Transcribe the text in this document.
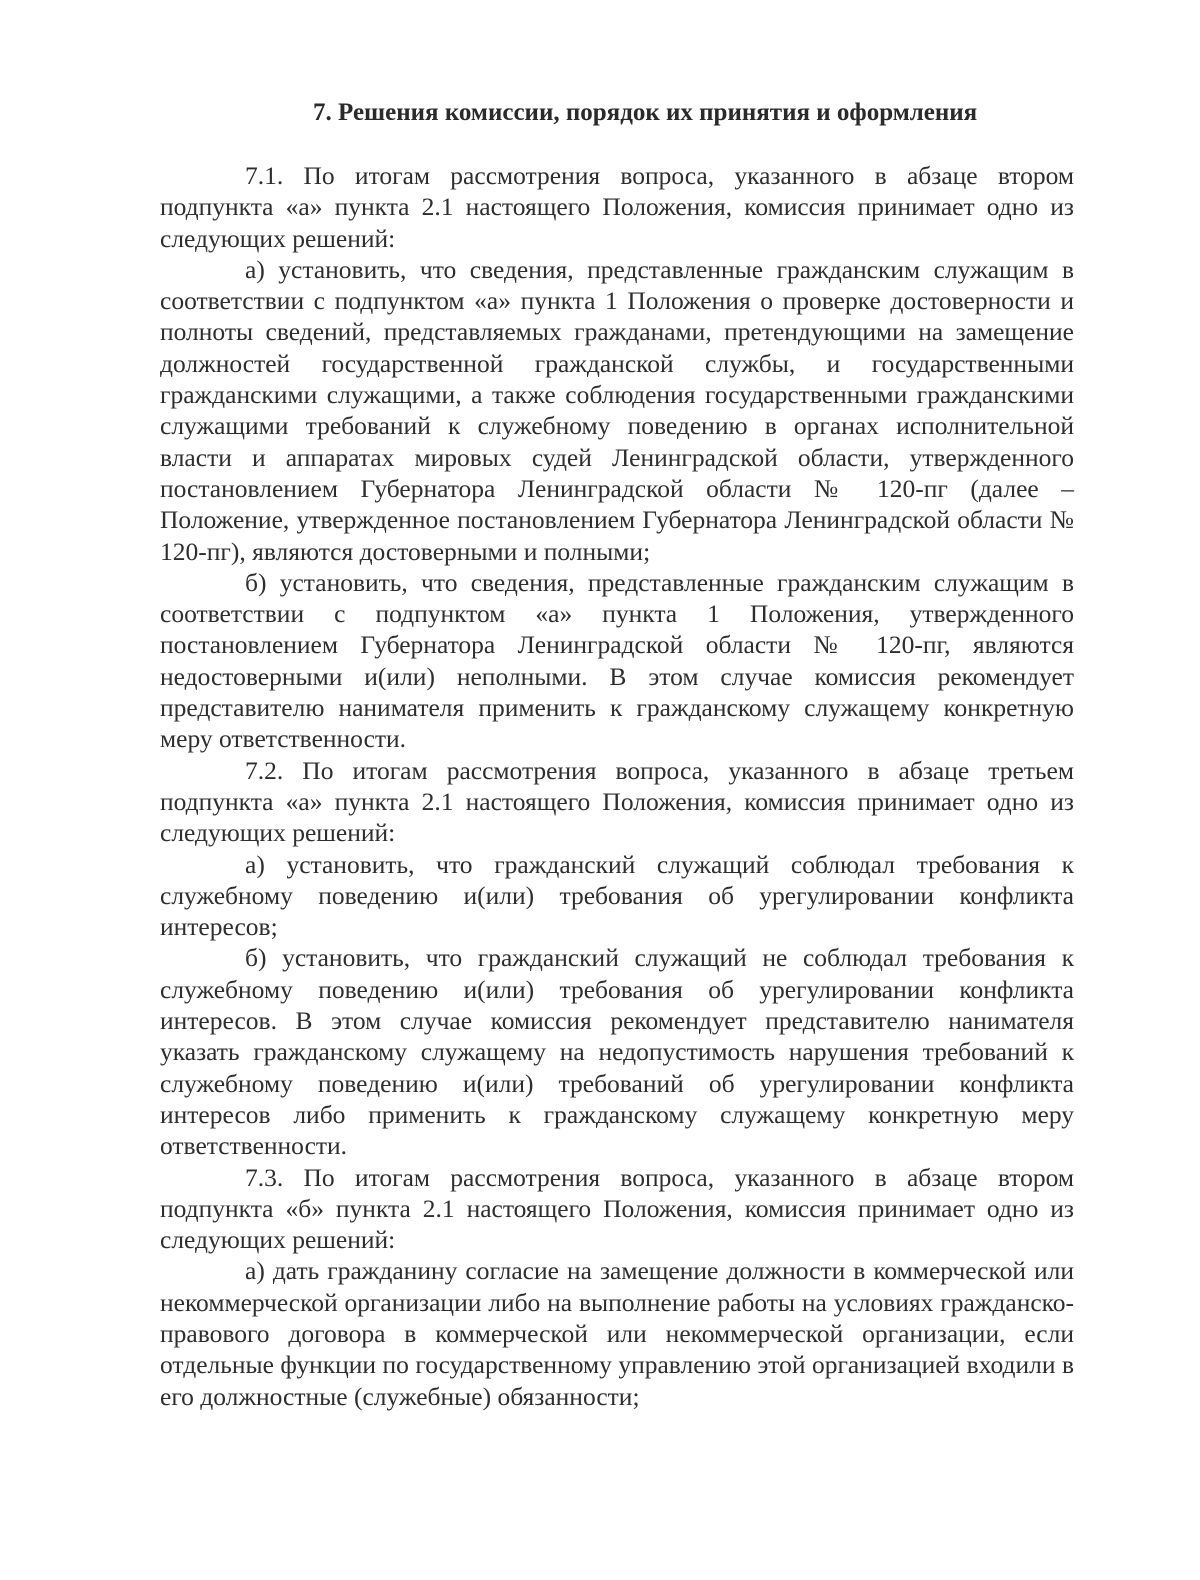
7. Решения комиссии, порядок их принятия и оформления

7.1. По итогам рассмотрения вопроса, указанного в абзаце втором подпункта «а» пункта 2.1 настоящего Положения, комиссия принимает одно из следующих решений:

а) установить, что сведения, представленные гражданским служащим в соответствии с подпунктом «а» пункта 1 Положения о проверке достоверности и полноты сведений, представляемых гражданами, претендующими на замещение должностей государственной гражданской службы, и государственными гражданскими служащими, а также соблюдения государственными гражданскими служащими требований к служебному поведению в органах исполнительной власти и аппаратах мировых судей Ленинградской области, утвержденного постановлением Губернатора Ленинградской области № 120-пг (далее – Положение, утвержденное постановлением Губернатора Ленинградской области № 120-пг), являются достоверными и полными;

б) установить, что сведения, представленные гражданским служащим в соответствии с подпунктом «а» пункта 1 Положения, утвержденного постановлением Губернатора Ленинградской области № 120-пг, являются недостоверными и(или) неполными. В этом случае комиссия рекомендует представителю нанимателя применить к гражданскому служащему конкретную меру ответственности.

7.2. По итогам рассмотрения вопроса, указанного в абзаце третьем подпункта «а» пункта 2.1 настоящего Положения, комиссия принимает одно из следующих решений:

а) установить, что гражданский служащий соблюдал требования к служебному поведению и(или) требования об урегулировании конфликта интересов;

б) установить, что гражданский служащий не соблюдал требования к служебному поведению и(или) требования об урегулировании конфликта интересов. В этом случае комиссия рекомендует представителю нанимателя указать гражданскому служащему на недопустимость нарушения требований к служебному поведению и(или) требований об урегулировании конфликта интересов либо применить к гражданскому служащему конкретную меру ответственности.

7.3. По итогам рассмотрения вопроса, указанного в абзаце втором подпункта «б» пункта 2.1 настоящего Положения, комиссия принимает одно из следующих решений:

а) дать гражданину согласие на замещение должности в коммерческой или некоммерческой организации либо на выполнение работы на условиях гражданско-правового договора в коммерческой или некоммерческой организации, если отдельные функции по государственному управлению этой организацией входили в его должностные (служебные) обязанности;
